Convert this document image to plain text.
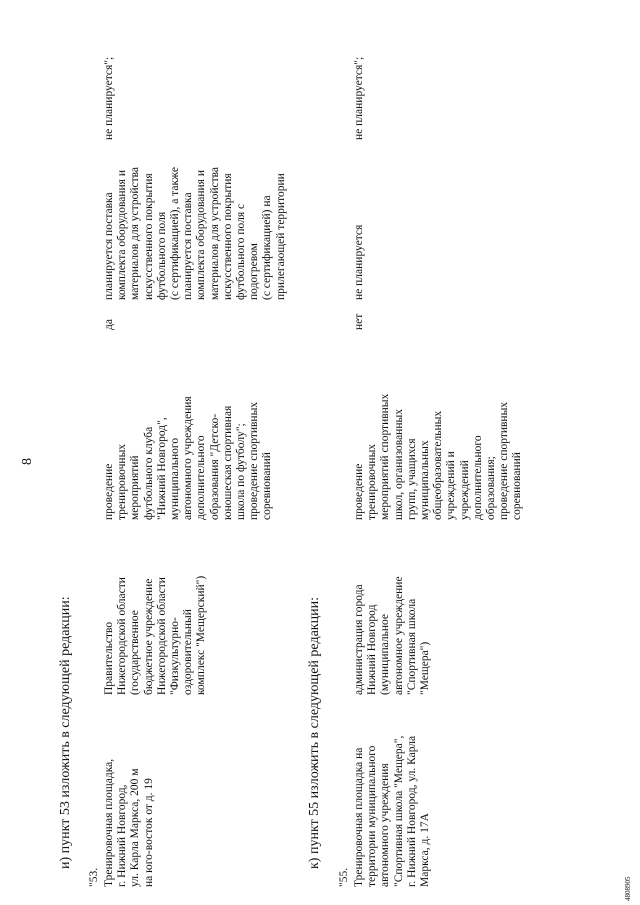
8
и) пункт 53 изложить в следующей редакции:
"53. Тренировочная площадка,
г. Нижний Новгород,
ул. Карла Маркса, 200 м
на юго-восток от д. 19
Правительство
Нижегородской области
(государственное
бюджетное учреждение
Нижегородской области
"Физкультурно-
оздоровительный
комплекс "Мещерский")
проведение
тренировочных
мероприятий
футбольного клуба
"Нижний Новгород",
муниципального
автономного учреждения
дополнительного
образования "Детско-
юношеская спортивная
школа по футболу";
проведение спортивных
соревнований
да
планируется поставка
комплекта оборудования и
материалов для устройства
искусственного покрытия
футбольного поля
(с сертификацией), а также
планируется поставка
комплекта оборудования и
материалов для устройства
искусственного покрытия
футбольного поля с
подогревом
(с сертификацией) на
прилегающей территории
не планируется";
к) пункт 55 изложить в следующей редакции:
"55. Тренировочная площадка на
территории муниципального
автономного учреждения
"Спортивная школа "Мещера",
г. Нижний Новгород, ул. Карла
Маркса, д. 17А
администрация города
Нижний Новгород
(муниципальное
автономное учреждение
"Спортивная школа
"Мещера")
проведение
тренировочных
мероприятий спортивных
школ, организованных
групп, учащихся
муниципальных
общеобразовательных
учреждений и
учреждений
дополнительного
образования;
проведение спортивных
соревнований
нет
не планируется
не планируется";
4808905
